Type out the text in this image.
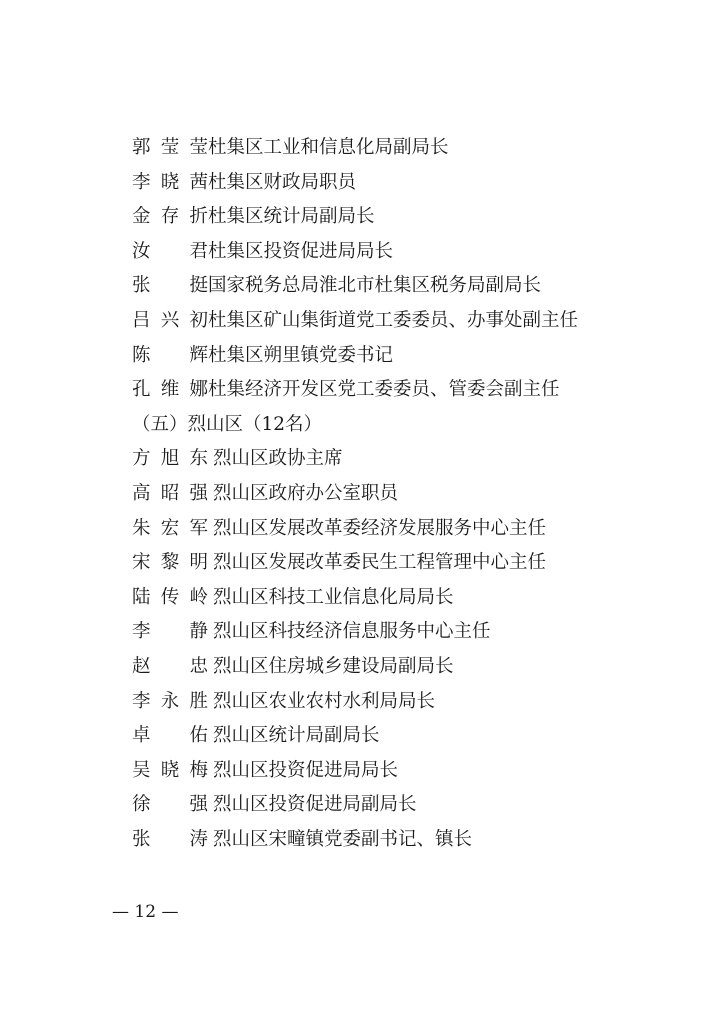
郭莹莹 杜集区工业和信息化局副局长
李晓茜 杜集区财政局职员
金存折 杜集区统计局副局长
汝　君 杜集区投资促进局局长
张　挺 国家税务总局淮北市杜集区税务局副局长
吕兴初 杜集区矿山集街道党工委委员、办事处副主任
陈　辉 杜集区朔里镇党委书记
孔维娜 杜集经济开发区党工委委员、管委会副主任
（五）烈山区（12名）
方旭东 烈山区政协主席
高昭强 烈山区政府办公室职员
朱宏军 烈山区发展改革委经济发展服务中心主任
宋黎明 烈山区发展改革委民生工程管理中心主任
陆传岭 烈山区科技工业信息化局局长
李　静 烈山区科技经济信息服务中心主任
赵　忠 烈山区住房城乡建设局副局长
李永胜 烈山区农业农村水利局局长
卓　佑 烈山区统计局副局长
吴晓梅 烈山区投资促进局局长
徐　强 烈山区投资促进局副局长
张　涛 烈山区宋疃镇党委副书记、镇长
— 12 —
